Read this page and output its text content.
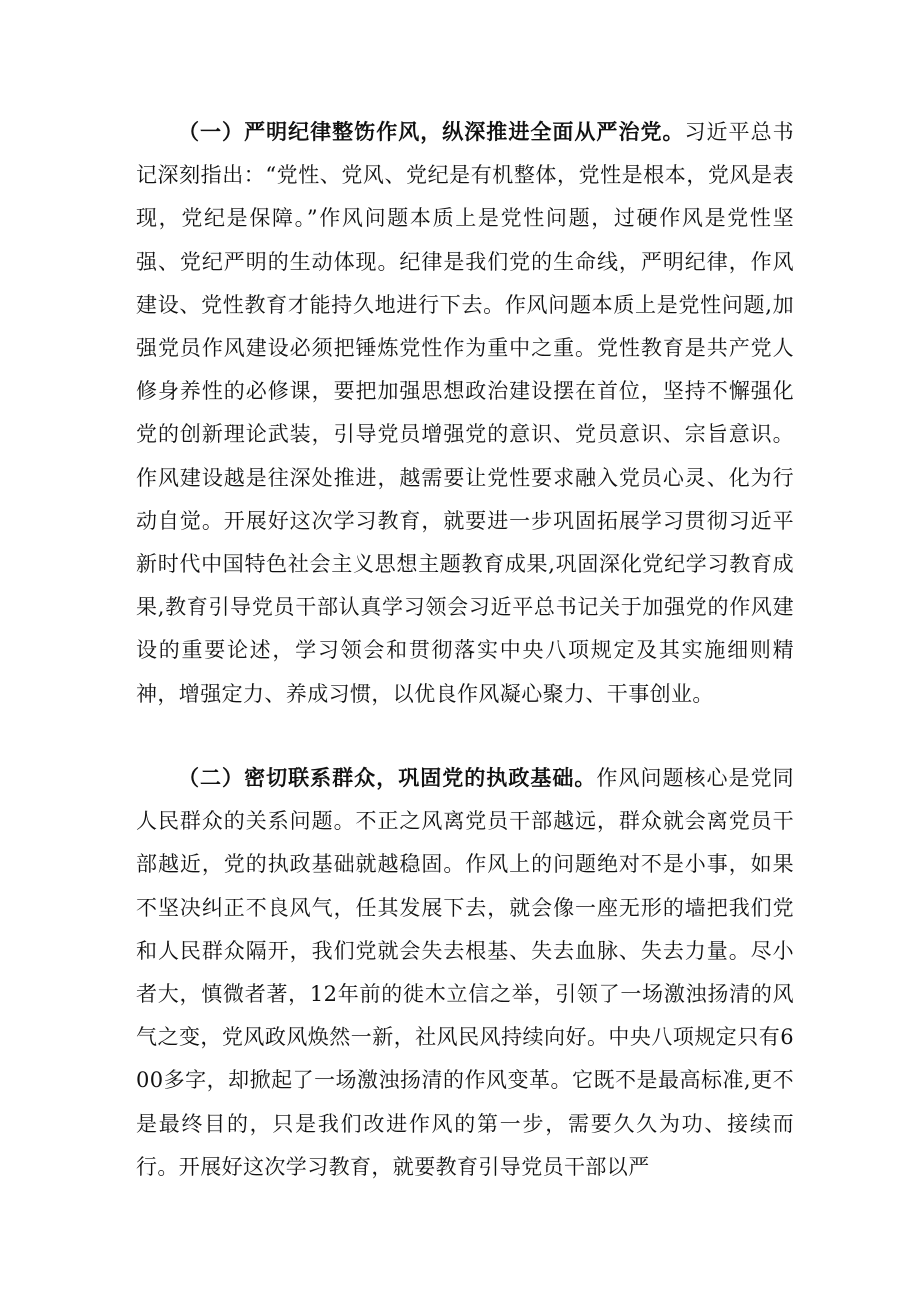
（一）严明纪律整饬作风，纵深推进全面从严治党。习近平总书记深刻指出：“党性、党风、党纪是有机整体，党性是根本，党风是表现，党纪是保障。”作风问题本质上是党性问题，过硬作风是党性坚强、党纪严明的生动体现。纪律是我们党的生命线，严明纪律，作风建设、党性教育才能持久地进行下去。作风问题本质上是党性问题,加强党员作风建设必须把锤炼党性作为重中之重。党性教育是共产党人修身养性的必修课，要把加强思想政治建设摆在首位，坚持不懈强化党的创新理论武装，引导党员增强党的意识、党员意识、宗旨意识。作风建设越是往深处推进，越需要让党性要求融入党员心灵、化为行动自觉。开展好这次学习教育，就要进一步巩固拓展学习贯彻习近平新时代中国特色社会主义思想主题教育成果,巩固深化党纪学习教育成果,教育引导党员干部认真学习领会习近平总书记关于加强党的作风建设的重要论述，学习领会和贯彻落实中央八项规定及其实施细则精神，增强定力、养成习惯，以优良作风凝心聚力、干事创业。

（二）密切联系群众，巩固党的执政基础。作风问题核心是党同人民群众的关系问题。不正之风离党员干部越远，群众就会离党员干部越近，党的执政基础就越稳固。作风上的问题绝对不是小事，如果不坚决纠正不良风气，任其发展下去，就会像一座无形的墙把我们党和人民群众隔开，我们党就会失去根基、失去血脉、失去力量。尽小者大，慎微者著，12年前的徙木立信之举，引领了一场激浊扬清的风气之变，党风政风焕然一新，社风民风持续向好。中央八项规定只有600多字，却掀起了一场激浊扬清的作风变革。它既不是最高标准,更不是最终目的，只是我们改进作风的第一步，需要久久为功、接续而行。开展好这次学习教育，就要教育引导党员干部以严
